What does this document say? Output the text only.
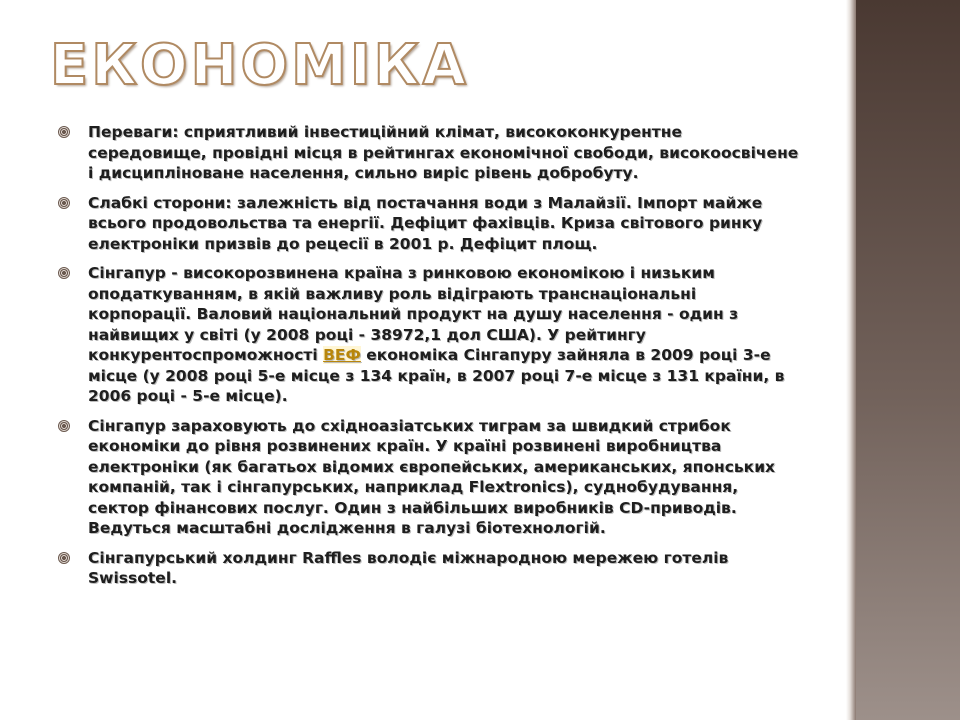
ЕКОНОМІКА
Переваги: сприятливий інвестиційний клімат, висококонкурентне середовище, провідні місця в рейтингах економічної свободи, високоосвічене і дисципліноване населення, сильно виріс рівень добробуту.
Слабкі сторони: залежність від постачання води з Малайзії. Імпорт майже всього продовольства та енергії. Дефіцит фахівців. Криза світового ринку електроніки призвів до рецесії в 2001 р. Дефіцит площ.
Сінгапур - високорозвинена країна з ринковою економікою і низьким оподаткуванням, в якій важливу роль відіграють транснаціональні корпорації. Валовий національний продукт на душу населення - один з найвищих у світі (у 2008 році - 38972,1 дол США). У рейтингу конкурентоспроможності ВЕФ економіка Сінгапуру зайняла в 2009 році 3-е місце (у 2008 році 5-е місце з 134 країн, в 2007 році 7-е місце з 131 країни, в 2006 році - 5-е місце).
Сінгапур зараховують до східноазіатських тиграм за швидкий стрибок економіки до рівня розвинених країн. У країні розвинені виробництва електроніки (як багатьох відомих європейських, американських, японських компаній, так і сінгапурських, наприклад Flextronics), суднобудування, сектор фінансових послуг. Один з найбільших виробників CD-приводів. Ведуться масштабні дослідження в галузі біотехнологій.
Сінгапурський холдинг Raffles володіє міжнародною мережею готелів Swissotel.
